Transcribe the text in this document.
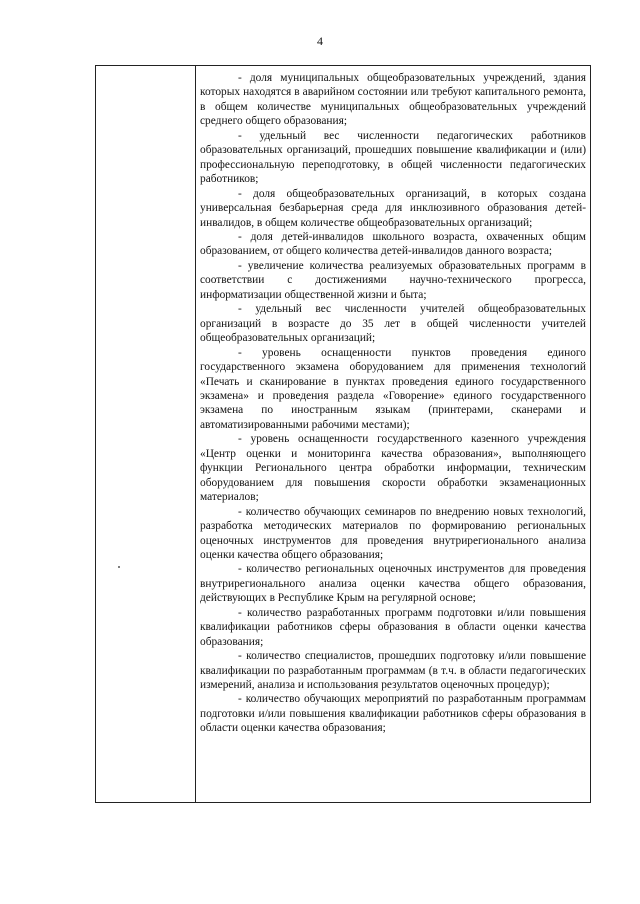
4

- доля муниципальных общеобразовательных учреждений, здания которых находятся в аварийном состоянии или требуют капитального ремонта, в общем количестве муниципальных общеобразовательных учреждений среднего общего образования;

- удельный вес численности педагогических работников образовательных организаций, прошедших повышение квалификации и (или) профессиональную переподготовку, в общей численности педагогических работников;

- доля общеобразовательных организаций, в которых создана универсальная безбарьерная среда для инклюзивного образования детей-инвалидов, в общем количестве общеобразовательных организаций;

- доля детей-инвалидов школьного возраста, охваченных общим образованием, от общего количества детей-инвалидов данного возраста;

- увеличение количества реализуемых образовательных программ в соответствии с достижениями научно-технического прогресса, информатизации общественной жизни и быта;

- удельный вес численности учителей общеобразовательных организаций в возрасте до 35 лет в общей численности учителей общеобразовательных организаций;

- уровень оснащенности пунктов проведения единого государственного экзамена оборудованием для применения технологий «Печать и сканирование в пунктах проведения единого государственного экзамена» и проведения раздела «Говорение» единого государственного экзамена по иностранным языкам (принтерами, сканерами и автоматизированными рабочими местами);

- уровень оснащенности государственного казенного учреждения «Центр оценки и мониторинга качества образования», выполняющего функции Регионального центра обработки информации, техническим оборудованием для повышения скорости обработки экзаменационных материалов;

- количество обучающих семинаров по внедрению новых технологий, разработка методических материалов по формированию региональных оценочных инструментов для проведения внутрирегионального анализа оценки качества общего образования;

- количество региональных оценочных инструментов для проведения внутрирегионального анализа оценки качества общего образования, действующих в Республике Крым на регулярной основе;

- количество разработанных программ подготовки и/или повышения квалификации работников сферы образования в области оценки качества образования;

- количество специалистов, прошедших подготовку и/или повышение квалификации по разработанным программам (в т.ч. в области педагогических измерений, анализа и использования результатов оценочных процедур);

- количество обучающих мероприятий по разработанным программам подготовки и/или повышения квалификации работников сферы образования в области оценки качества образования;
